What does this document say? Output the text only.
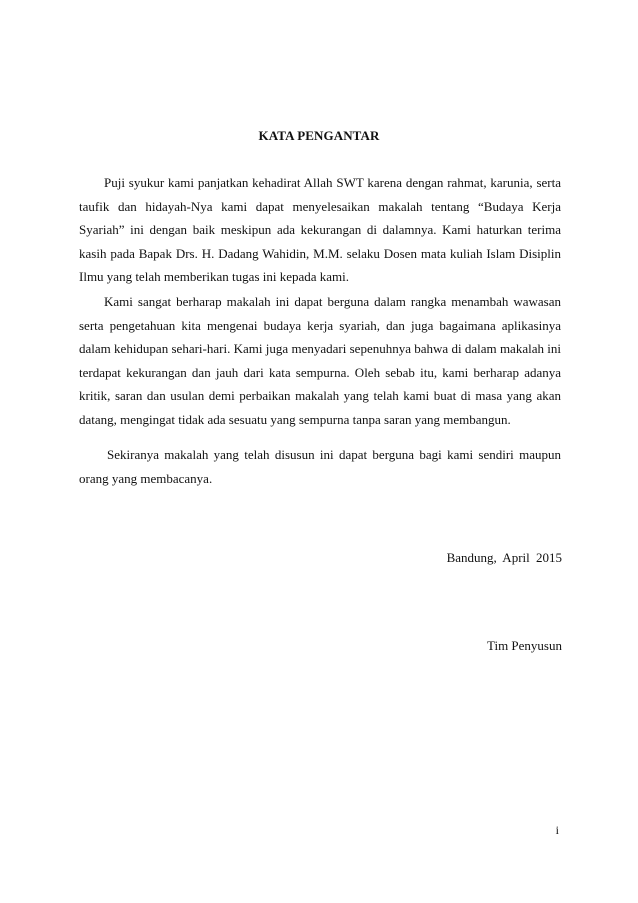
KATA PENGANTAR

Puji syukur kami panjatkan kehadirat Allah SWT karena dengan rahmat, karunia, serta taufik dan hidayah-Nya kami dapat menyelesaikan makalah tentang “Budaya Kerja Syariah” ini dengan baik meskipun ada kekurangan di dalamnya. Kami haturkan terima kasih pada Bapak Drs. H. Dadang Wahidin, M.M. selaku Dosen mata kuliah Islam Disiplin Ilmu yang telah memberikan tugas ini kepada kami.

Kami sangat berharap makalah ini dapat berguna dalam rangka menambah wawasan serta pengetahuan kita mengenai budaya kerja syariah, dan juga bagaimana aplikasinya dalam kehidupan sehari-hari. Kami juga menyadari sepenuhnya bahwa di dalam makalah ini terdapat kekurangan dan jauh dari kata sempurna. Oleh sebab itu, kami berharap adanya kritik, saran dan usulan demi perbaikan makalah yang telah kami buat di masa yang akan datang, mengingat tidak ada sesuatu yang sempurna tanpa saran yang membangun.

Sekiranya makalah yang telah disusun ini dapat berguna bagi kami sendiri maupun orang yang membacanya.

Bandung, April 2015
Tim Penyusun
i
